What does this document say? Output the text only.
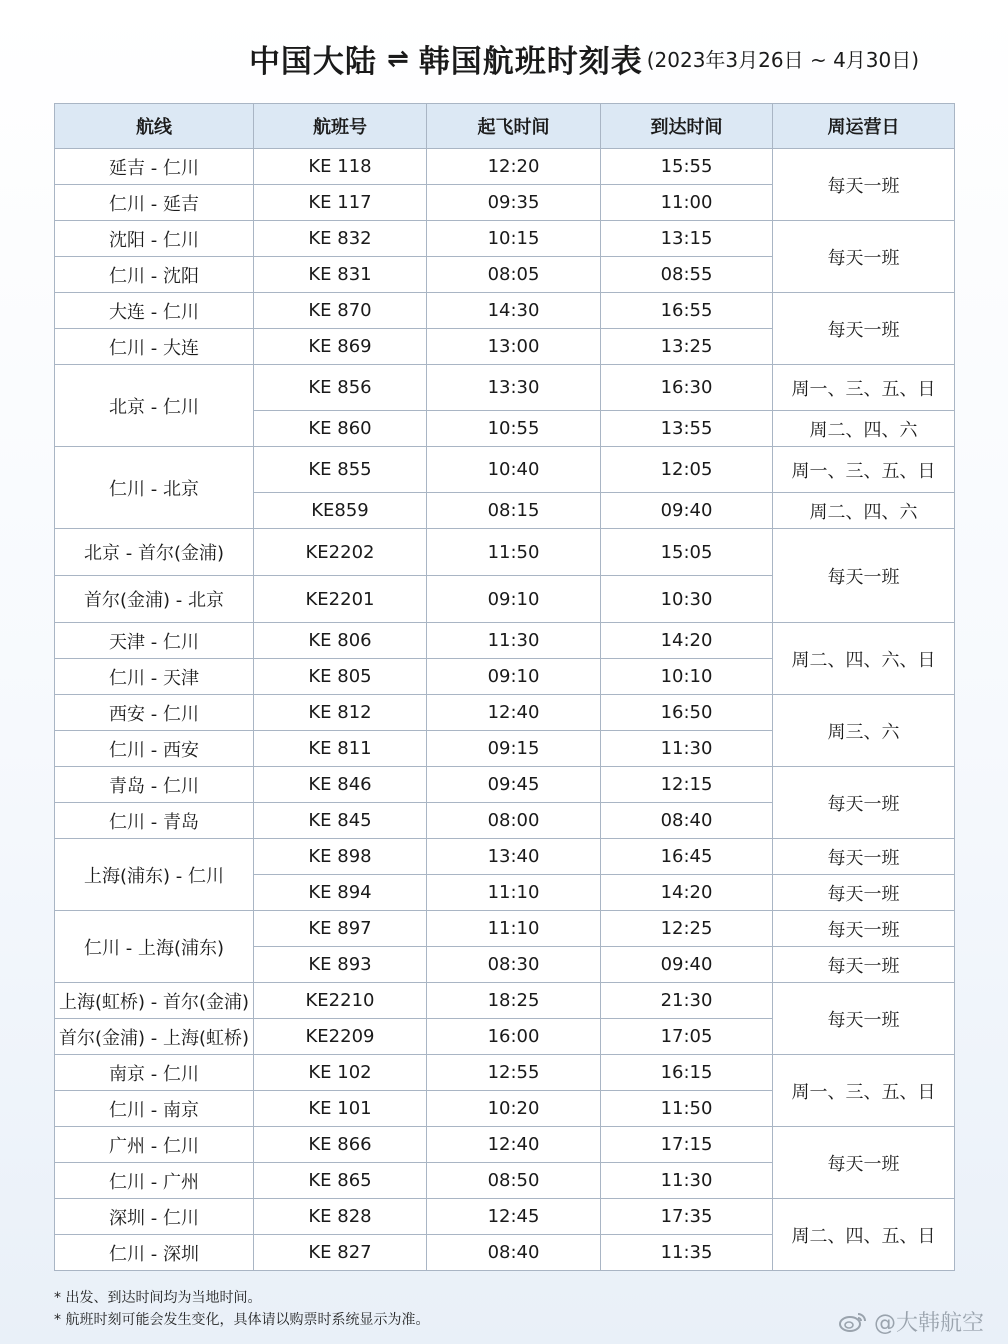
中国大陆 ⇌ 韩国航班时刻表 (2023年3月26日 ~ 4月30日)
航线	航班号	起飞时间	到达时间	周运营日
延吉 - 仁川	KE 118	12:20	15:55	每天一班
仁川 - 延吉	KE 117	09:35	11:00	
沈阳 - 仁川	KE 832	10:15	13:15	每天一班
仁川 - 沈阳	KE 831	08:05	08:55	
大连 - 仁川	KE 870	14:30	16:55	每天一班
仁川 - 大连	KE 869	13:00	13:25	
北京 - 仁川	KE 856	13:30	16:30	周一、三、五、日
	KE 860	10:55	13:55	周二、四、六
仁川 - 北京	KE 855	10:40	12:05	周一、三、五、日
	KE859	08:15	09:40	周二、四、六
北京 - 首尔(金浦)	KE2202	11:50	15:05	每天一班
首尔(金浦) - 北京	KE2201	09:10	10:30	
天津 - 仁川	KE 806	11:30	14:20	周二、四、六、日
仁川 - 天津	KE 805	09:10	10:10	
西安 - 仁川	KE 812	12:40	16:50	周三、六
仁川 - 西安	KE 811	09:15	11:30	
青岛 - 仁川	KE 846	09:45	12:15	每天一班
仁川 - 青岛	KE 845	08:00	08:40	
上海(浦东) - 仁川	KE 898	13:40	16:45	每天一班
	KE 894	11:10	14:20	每天一班
仁川 - 上海(浦东)	KE 897	11:10	12:25	每天一班
	KE 893	08:30	09:40	每天一班
上海(虹桥) - 首尔(金浦)	KE2210	18:25	21:30	每天一班
首尔(金浦) - 上海(虹桥)	KE2209	16:00	17:05	
南京 - 仁川	KE 102	12:55	16:15	周一、三、五、日
仁川 - 南京	KE 101	10:20	11:50	
广州 - 仁川	KE 866	12:40	17:15	每天一班
仁川 - 广州	KE 865	08:50	11:30	
深圳 - 仁川	KE 828	12:45	17:35	周二、四、五、日
仁川 - 深圳	KE 827	08:40	11:35	
* 出发、到达时间均为当地时间。
* 航班时刻可能会发生变化，具体请以购票时系统显示为准。	@大韩航空
